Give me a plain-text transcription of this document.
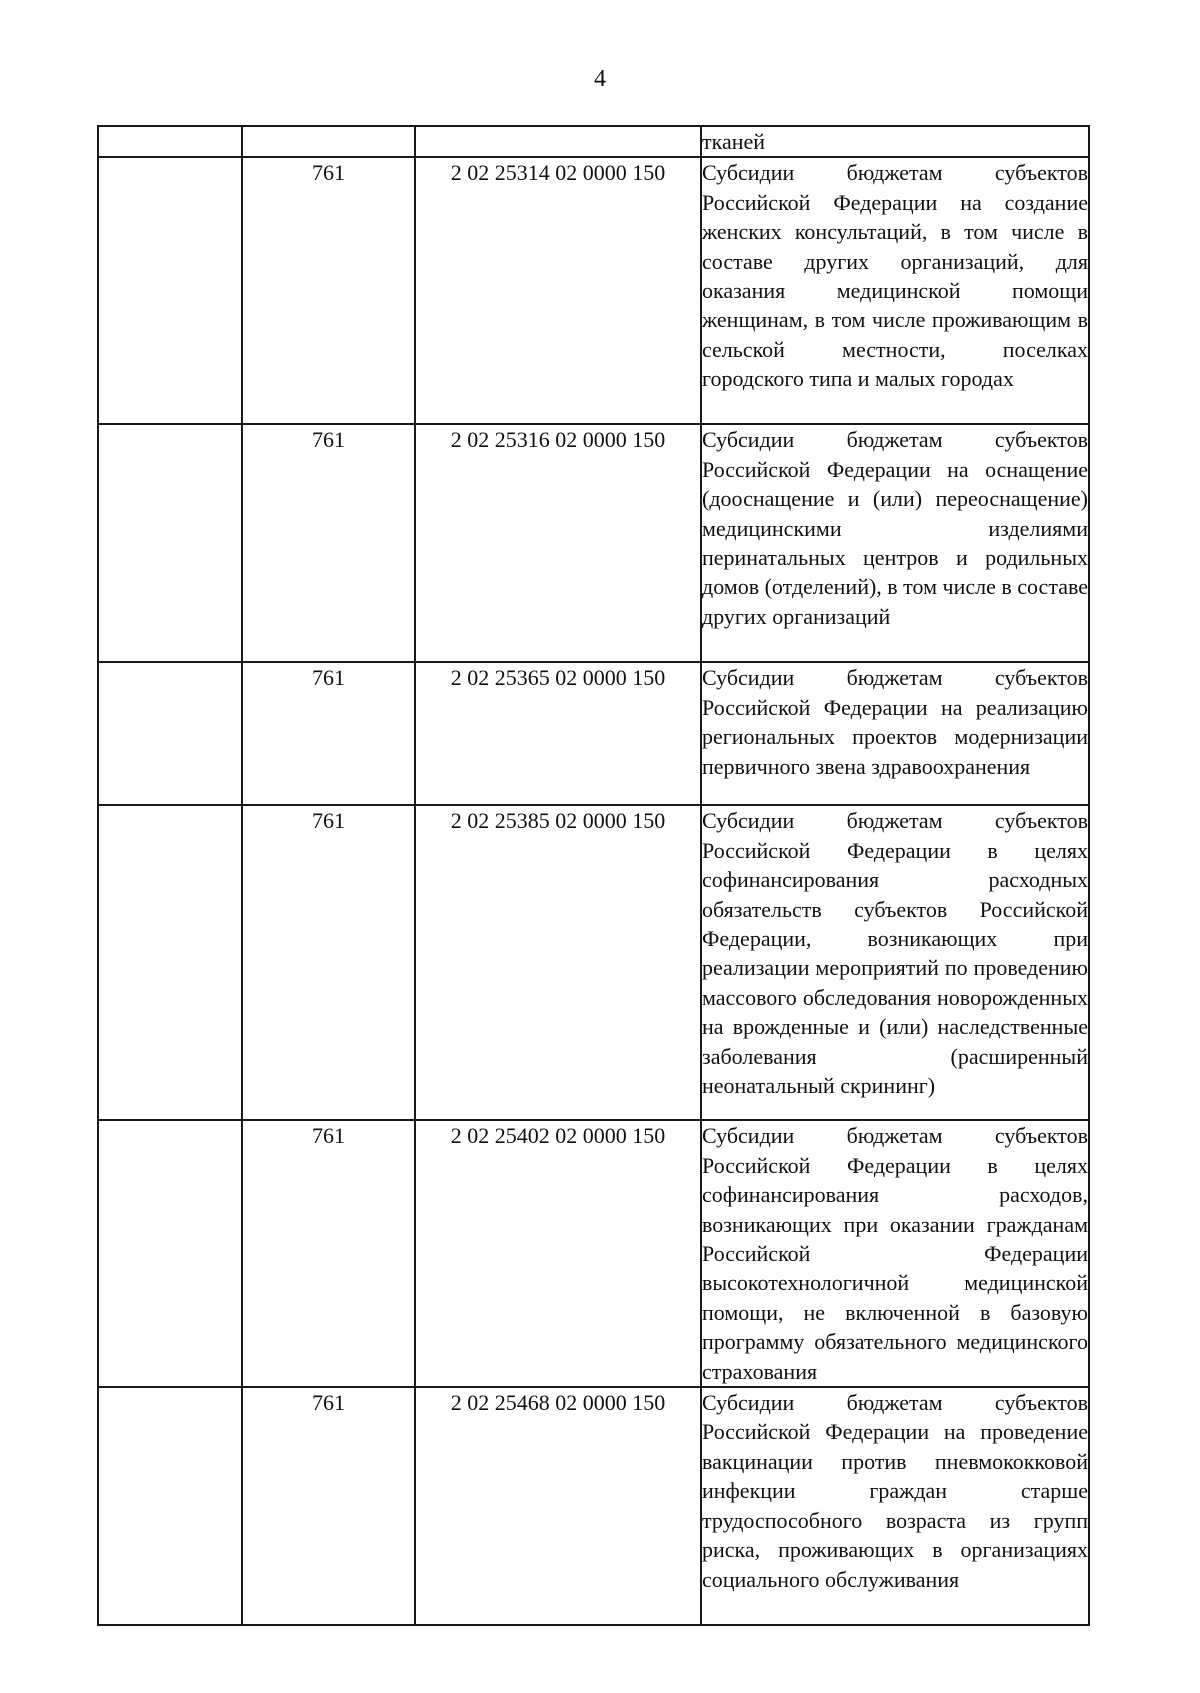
4
			тканей
	761	2 02 25314 02 0000 150	Субсидии бюджетам субъектов Российской Федерации на создание женских консультаций, в том числе в составе других организаций, для оказания медицинской помощи женщинам, в том числе проживающим в сельской местности, поселках городского типа и малых городах
	761	2 02 25316 02 0000 150	Субсидии бюджетам субъектов Российской Федерации на оснащение (дооснащение и (или) переоснащение) медицинскими изделиями перинатальных центров и родильных домов (отделений), в том числе в составе других организаций
	761	2 02 25365 02 0000 150	Субсидии бюджетам субъектов Российской Федерации на реализацию региональных проектов модернизации первичного звена здравоохранения
	761	2 02 25385 02 0000 150	Субсидии бюджетам субъектов Российской Федерации в целях софинансирования расходных обязательств субъектов Российской Федерации, возникающих при реализации мероприятий по проведению массового обследования новорожденных на врожденные и (или) наследственные заболевания (расширенный неонатальный скрининг)
	761	2 02 25402 02 0000 150	Субсидии бюджетам субъектов Российской Федерации в целях софинансирования расходов, возникающих при оказании гражданам Российской Федерации высокотехнологичной медицинской помощи, не включенной в базовую программу обязательного медицинского страхования
	761	2 02 25468 02 0000 150	Субсидии бюджетам субъектов Российской Федерации на проведение вакцинации против пневмококковой инфекции граждан старше трудоспособного возраста из групп риска, проживающих в организациях социального обслуживания
